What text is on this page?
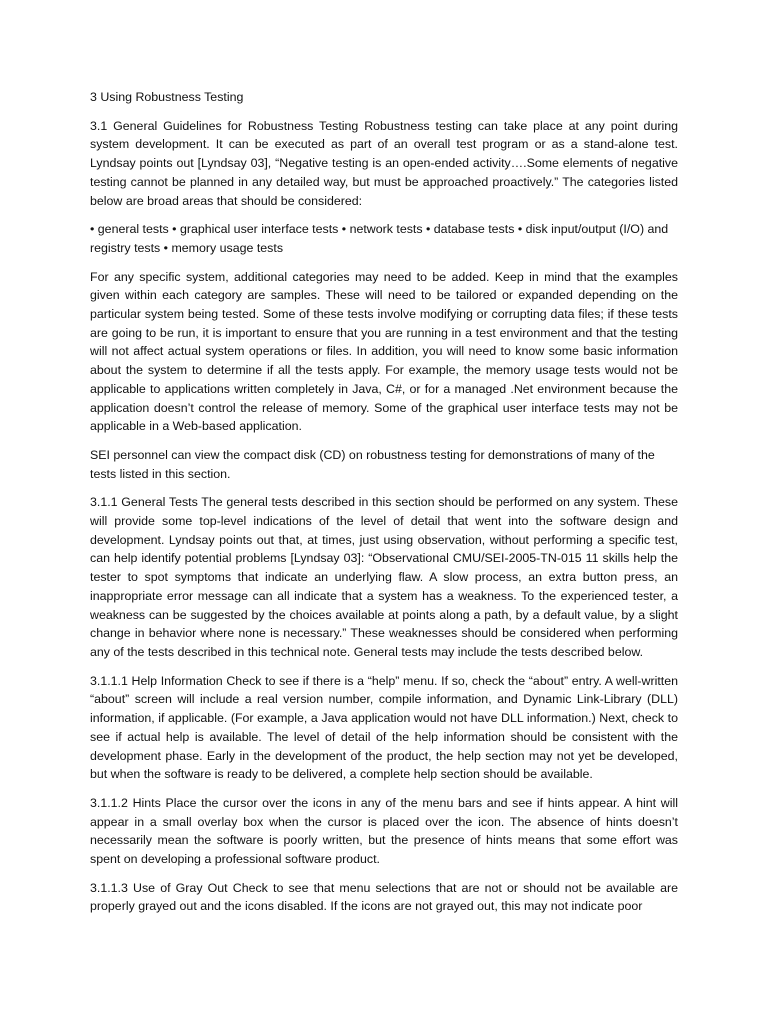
3 Using Robustness Testing

3.1 General Guidelines for Robustness Testing Robustness testing can take place at any point during system development. It can be executed as part of an overall test program or as a stand-alone test. Lyndsay points out [Lyndsay 03], “Negative testing is an open-ended activity….Some elements of negative testing cannot be planned in any detailed way, but must be approached proactively.” The categories listed below are broad areas that should be considered:

• general tests • graphical user interface tests • network tests • database tests • disk input/output (I/O) and registry tests • memory usage tests

For any specific system, additional categories may need to be added. Keep in mind that the examples given within each category are samples. These will need to be tailored or expanded depending on the particular system being tested. Some of these tests involve modifying or corrupting data files; if these tests are going to be run, it is important to ensure that you are running in a test environment and that the testing will not affect actual system operations or files. In addition, you will need to know some basic information about the system to determine if all the tests apply. For example, the memory usage tests would not be applicable to applications written completely in Java, C#, or for a managed .Net environment because the application doesn’t control the release of memory. Some of the graphical user interface tests may not be applicable in a Web-based application.

SEI personnel can view the compact disk (CD) on robustness testing for demonstrations of many of the tests listed in this section.

3.1.1 General Tests The general tests described in this section should be performed on any system. These will provide some top-level indications of the level of detail that went into the software design and development. Lyndsay points out that, at times, just using observation, without performing a specific test, can help identify potential problems [Lyndsay 03]: “Observational CMU/SEI-2005-TN-015 11 skills help the tester to spot symptoms that indicate an underlying flaw. A slow process, an extra button press, an inappropriate error message can all indicate that a system has a weakness. To the experienced tester, a weakness can be suggested by the choices available at points along a path, by a default value, by a slight change in behavior where none is necessary.” These weaknesses should be considered when performing any of the tests described in this technical note. General tests may include the tests described below.

3.1.1.1 Help Information Check to see if there is a “help” menu. If so, check the “about” entry. A well-written “about” screen will include a real version number, compile information, and Dynamic Link-Library (DLL) information, if applicable. (For example, a Java application would not have DLL information.) Next, check to see if actual help is available. The level of detail of the help information should be consistent with the development phase. Early in the development of the product, the help section may not yet be developed, but when the software is ready to be delivered, a complete help section should be available.

3.1.1.2 Hints Place the cursor over the icons in any of the menu bars and see if hints appear. A hint will appear in a small overlay box when the cursor is placed over the icon. The absence of hints doesn’t necessarily mean the software is poorly written, but the presence of hints means that some effort was spent on developing a professional software product.

3.1.1.3 Use of Gray Out Check to see that menu selections that are not or should not be available are properly grayed out and the icons disabled. If the icons are not grayed out, this may not indicate poor
